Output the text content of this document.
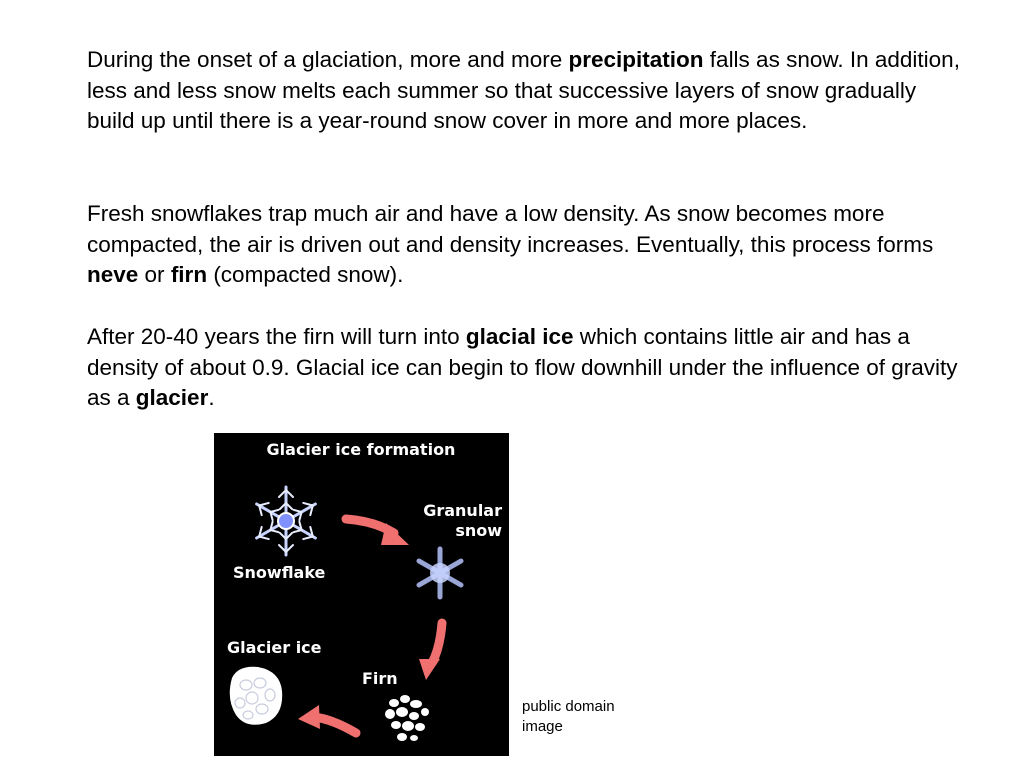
During the onset of a glaciation, more and more precipitation falls as snow. In addition, less and less snow melts each summer so that successive layers of snow gradually build up until there is a year-round snow cover in more and more places.

Fresh snowflakes trap much air and have a low density. As snow becomes more compacted, the air is driven out and density increases. Eventually, this process forms neve or firn (compacted snow).

After 20-40 years the firn will turn into glacial ice which contains little air and has a density of about 0.9. Glacial ice can begin to flow downhill under the influence of gravity as a glacier.

Glacier ice formation
Snowflake
Granular
snow
Firn
Glacier ice
public domain
image
